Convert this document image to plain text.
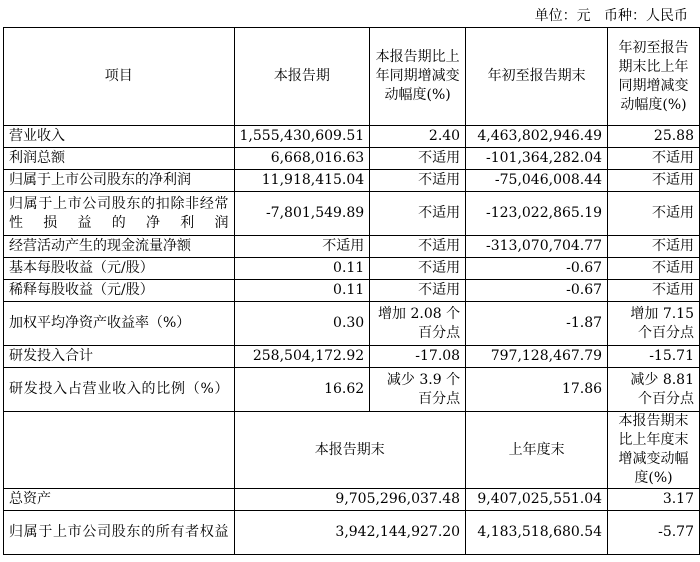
单位：元   币种：人民币
项目	本报告期	本报告期比上年同期增减变动幅度(%)	年初至报告期末	年初至报告期末比上年同期增减变动幅度(%)
营业收入	1,555,430,609.51	2.40	4,463,802,946.49	25.88
利润总额	6,668,016.63	不适用	-101,364,282.04	不适用
归属于上市公司股东的净利润	11,918,415.04	不适用	-75,046,008.44	不适用
归属于上市公司股东的扣除非经常性损益的净利润	-7,801,549.89	不适用	-123,022,865.19	不适用
经营活动产生的现金流量净额	不适用	不适用	-313,070,704.77	不适用
基本每股收益（元/股）	0.11	不适用	-0.67	不适用
稀释每股收益（元/股）	0.11	不适用	-0.67	不适用
加权平均净资产收益率（%）	0.30	增加 2.08 个百分点	-1.87	增加 7.15 个百分点
研发投入合计	258,504,172.92	-17.08	797,128,467.79	-15.71
研发投入占营业收入的比例（%）	16.62	减少 3.9 个百分点	17.86	减少 8.81 个百分点
	本报告期末		上年度末	本报告期末比上年度末增减变动幅度(%)
总资产	9,705,296,037.48		9,407,025,551.04	3.17
归属于上市公司股东的所有者权益	3,942,144,927.20		4,183,518,680.54	-5.77
